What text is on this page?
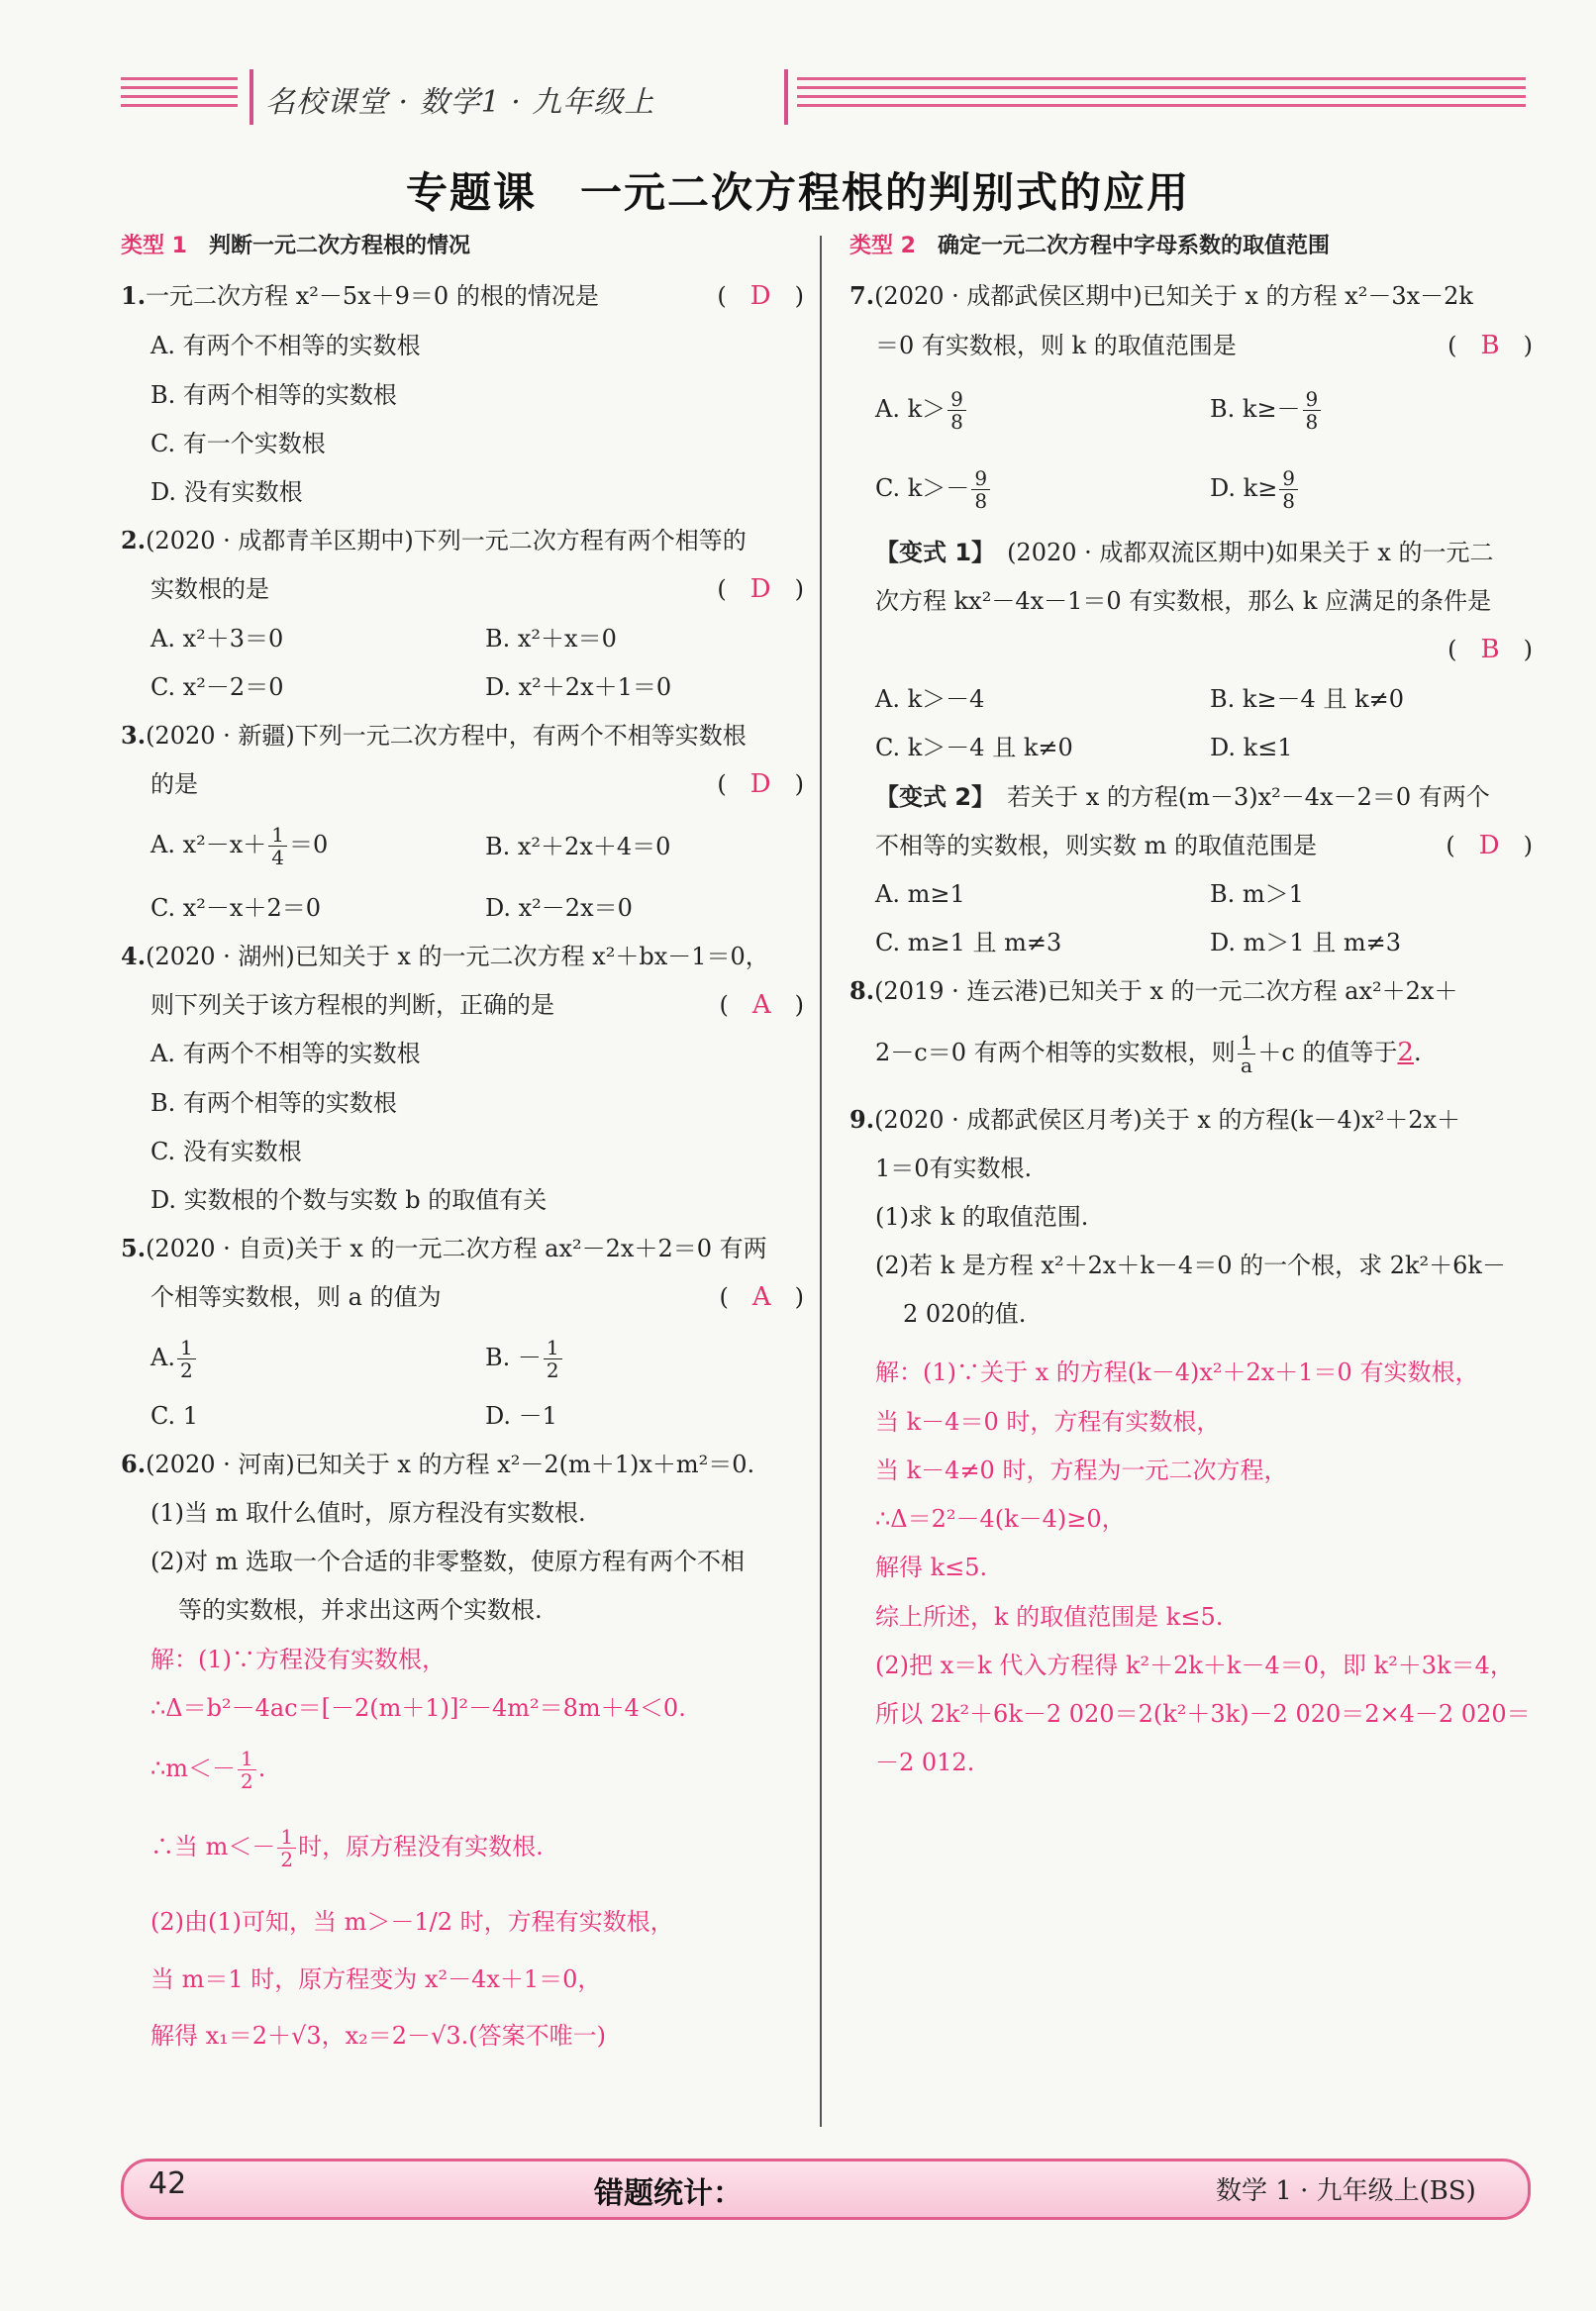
名校课堂 · 数学1 · 九年级上
专题课　一元二次方程根的判别式的应用
类型 1　 判断一元二次方程根的情况
1.一元二次方程 x²－5x＋9＝0 的根的情况是	(　D　)
A. 有两个不相等的实数根
B. 有两个相等的实数根
C. 有一个实数根
D. 没有实数根
2.(2020 · 成都青羊区期中)下列一元二次方程有两个相等的
实数根的是	(　D　)
A. x²＋3＝0	B. x²＋x＝0
C. x²－2＝0	D. x²＋2x＋1＝0
3.(2020 · 新疆)下列一元二次方程中，有两个不相等实数根
的是	(　D　)
A. $x^2-x+ \frac{1}{4} =0$	B. x²＋2x＋4＝0
C. x²－x＋2＝0	D. x²－2x＝0
4.(2020 · 湖州)已知关于 x 的一元二次方程 x²＋bx－1＝0，
则下列关于该方程根的判断，正确的是	(　A　)
A. 有两个不相等的实数根
B. 有两个相等的实数根
C. 没有实数根
D. 实数根的个数与实数 b 的取值有关
5.(2020 · 自贡)关于 x 的一元二次方程 ax²－2x＋2＝0 有两
个相等实数根，则 a 的值为	(　A　)
A. $\frac{1}{2}$	B. － $\frac{1}{2}$
C. 1	D. －1
6.(2020 · 河南)已知关于 x 的方程 x²－2(m＋1)x＋m²＝0.
(1)当 m 取什么值时，原方程没有实数根.
(2)对 m 选取一个合适的非零整数，使原方程有两个不相
等的实数根，并求出这两个实数根.
解：(1)∵方程没有实数根，
∴Δ＝b²－4ac＝[－2(m＋1)]²－4m²＝8m＋4＜0.
∴m＜－ $\frac{1}{2}$ .
∴当 $m<- \frac{1}{2}$ 时，原方程没有实数根.
(2)由(1)可知，当 m＞－1/2 时，方程有实数根，
当 m＝1 时，原方程变为 x²－4x＋1＝0，
解得 x₁＝2＋√3，x₂＝2－√3.(答案不唯一)
类型 2　 确定一元二次方程中字母系数的取值范围
7.(2020 · 成都武侯区期中)已知关于 x 的方程 x²－3x－2k
＝0 有实数根，则 k 的取值范围是	(　B　)
A. $k> \frac{9}{8}$	B. $k\ge- \frac{9}{8}$
C. $k>- \frac{9}{8}$	D. $k\ge \frac{9}{8}$
【变式 1】　 (2020 · 成都双流区期中)如果关于 x 的一元二
次方程 kx²－4x－1＝0 有实数根，那么 k 应满足的条件是
(　B　)
A. k＞－4	B. k≥－4 且 k≠0
C. k＞－4 且 k≠0	D. k≤1
【变式 2】　 若关于 x 的方程(m－3)x²－4x－2＝0 有两个
不相等的实数根，则实数 m 的取值范围是	(　D　)
A. m≥1	B. m＞1
C. m≥1 且 m≠3	D. m＞1 且 m≠3
8.(2019 · 连云港)已知关于 x 的一元二次方程 ax²＋2x＋
2－c＝0 有两个相等的实数根，则 $\frac{1}{a} +c$ 的值等于2.
9.(2020 · 成都武侯区月考)关于 x 的方程(k－4)x²＋2x＋
1＝0有实数根.
(1)求 k 的取值范围.
(2)若 k 是方程 x²＋2x＋k－4＝0 的一个根，求 2k²＋6k－
2 020的值.
解：(1)∵关于 x 的方程(k－4)x²＋2x＋1＝0 有实数根，
当 k－4＝0 时，方程有实数根，
当 k－4≠0 时，方程为一元二次方程，
∴Δ＝2²－4(k－4)≥0，
解得 k≤5.
综上所述，k 的取值范围是 k≤5.
(2)把 x＝k 代入方程得 k²＋2k＋k－4＝0，即 k²＋3k＝4，
所以 2k²＋6k－2 020＝2(k²＋3k)－2 020＝2×4－2 020＝
－2 012.
42	错题统计：	数学 1 · 九年级上(BS)
